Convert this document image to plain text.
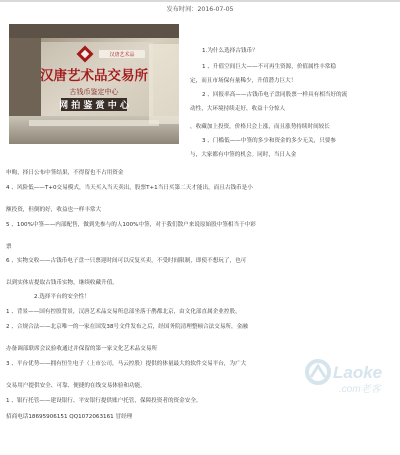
发布时间：2016-07-05
汉唐艺术品
汉唐艺术品交易所
古钱币鉴定中心
网 拍 鉴 赏 中 心
1.为什么选择古钱币？
1 、升值空间巨大——不可再生资源，价值属性丰常稳
定，而且市场保有量稀少，升值潜力巨大！
2 、回报率高——古钱币电子盘同股票一样具有相当好的流
动性，大环境持续走好，收益十分惊人
，收藏加上投资，价格只会上涨，而且涨势持续时间较长
3 、门槛低——中签的多少和资金的多少无关，只要参
与，大家都有中签的机会。同时，当日入金
申购，择日公布中签结果，不得留也不占用资金
4 、风险低——T+0交易模式，当天买入当天卖出，股票T+1当日买第二天才能出，而且古钱币是小
额投资，但倒的好，收益也一样丰常大
5 、100%中签——内部配售，做到先参与的人100%中签，对于我们散户来说原始股中签相当于中彩
票
6 、实物交收——古钱币电子盘一只票迎时间可以反复买卖，不受时间限制，即使不想玩了，也可
以到实体店提取古钱币实物，继续收藏升值。
2.选择平台的安全性！
1 、背景——国有控股背景，汉唐艺术品交易所总部坐落于鹊都北京，由文化部直属企业控股。
2 、合规合法——北京唯一的一家在国发38号文件发布之后，经国务院清理整顿合法交易所，金融
办备调部联席会议验收通过并保留的第一家文化艺术品交易所
3 、平台优势——拥有恒生电子（上市公司，马云控股）提供的体量最大的软件交易平台，为广大
交易用户提供安全、可靠、便捷的在线交易体验和功能。
1 、银行托管——建设银行、平安银行提供账户托管，保障投资者的资金安全。
招商电话18695906151 QQ1072063161 冒经理
Laoke
.com老客
